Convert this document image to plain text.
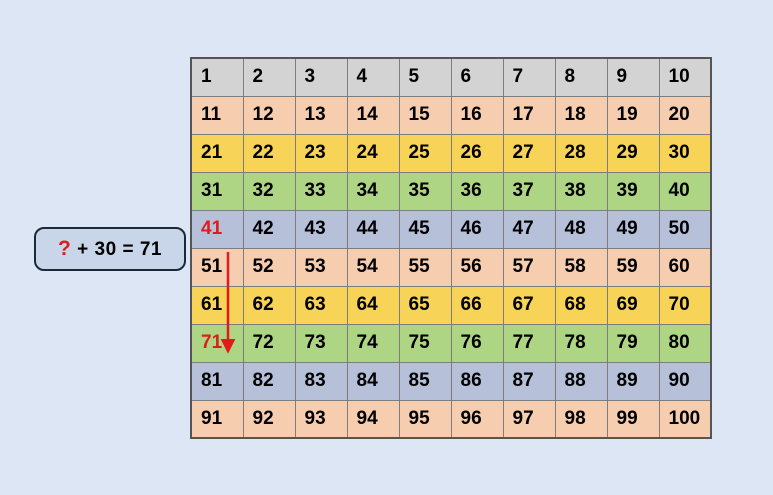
? + 30 = 71
1	2	3	4	5	6	7	8	9	10
11	12	13	14	15	16	17	18	19	20
21	22	23	24	25	26	27	28	29	30
31	32	33	34	35	36	37	38	39	40
41	42	43	44	45	46	47	48	49	50
51	52	53	54	55	56	57	58	59	60
61	62	63	64	65	66	67	68	69	70
71	72	73	74	75	76	77	78	79	80
81	82	83	84	85	86	87	88	89	90
91	92	93	94	95	96	97	98	99	100
